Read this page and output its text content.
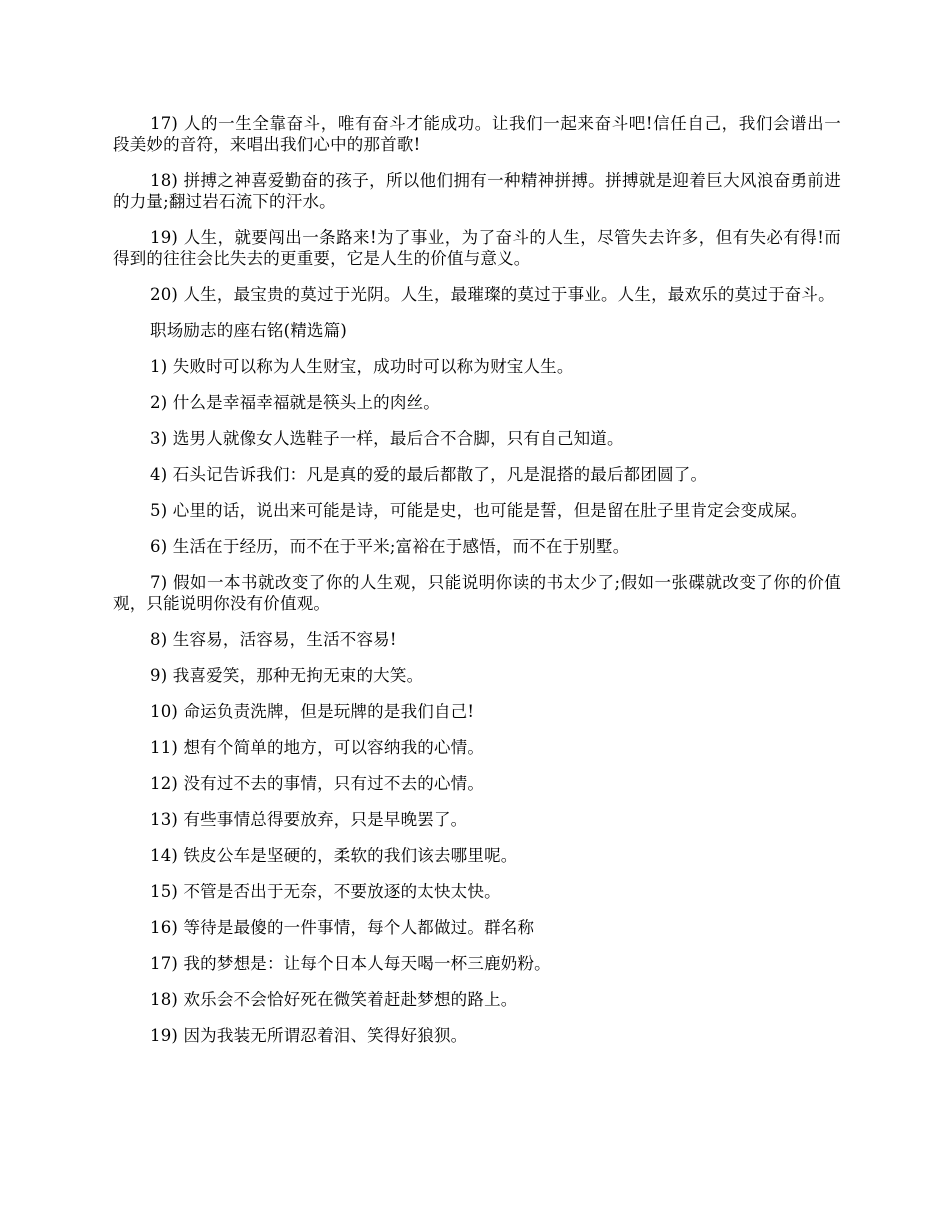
17) 人的一生全靠奋斗，唯有奋斗才能成功。让我们一起来奋斗吧!信任自己，我们会谱出一段美妙的音符，来唱出我们心中的那首歌!

18) 拼搏之神喜爱勤奋的孩子，所以他们拥有一种精神拼搏。拼搏就是迎着巨大风浪奋勇前进的力量;翻过岩石流下的汗水。

19) 人生，就要闯出一条路来!为了事业，为了奋斗的人生，尽管失去许多，但有失必有得!而得到的往往会比失去的更重要，它是人生的价值与意义。

20) 人生，最宝贵的莫过于光阴。人生，最璀璨的莫过于事业。人生，最欢乐的莫过于奋斗。

职场励志的座右铭(精选篇)

1) 失败时可以称为人生财宝，成功时可以称为财宝人生。

2) 什么是幸福幸福就是筷头上的肉丝。

3) 选男人就像女人选鞋子一样，最后合不合脚，只有自己知道。

4) 石头记告诉我们：凡是真的爱的最后都散了，凡是混搭的最后都团圆了。

5) 心里的话，说出来可能是诗，可能是史，也可能是誓，但是留在肚子里肯定会变成屎。

6) 生活在于经历，而不在于平米;富裕在于感悟，而不在于别墅。

7) 假如一本书就改变了你的人生观，只能说明你读的书太少了;假如一张碟就改变了你的价值观，只能说明你没有价值观。

8) 生容易，活容易，生活不容易!

9) 我喜爱笑，那种无拘无束的大笑。

10) 命运负责洗牌，但是玩牌的是我们自己!

11) 想有个简单的地方，可以容纳我的心情。

12) 没有过不去的事情，只有过不去的心情。

13) 有些事情总得要放弃，只是早晚罢了。

14) 铁皮公车是坚硬的，柔软的我们该去哪里呢。

15) 不管是否出于无奈，不要放逐的太快太快。

16) 等待是最傻的一件事情，每个人都做过。群名称

17) 我的梦想是：让每个日本人每天喝一杯三鹿奶粉。

18) 欢乐会不会恰好死在微笑着赶赴梦想的路上。

19) 因为我装无所谓忍着泪、笑得好狼狈。
